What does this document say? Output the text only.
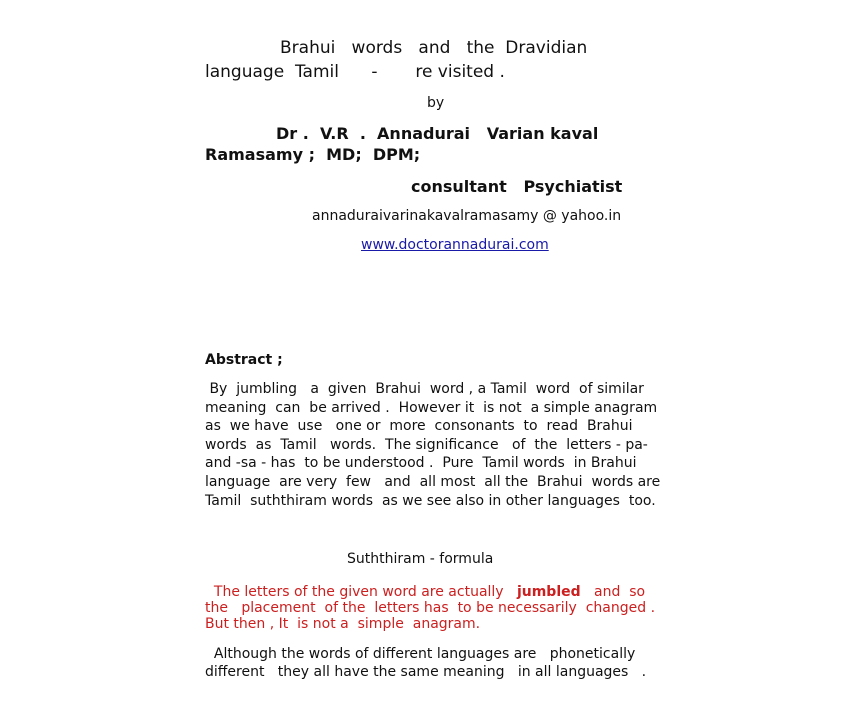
Brahui   words   and   the  Dravidian
language  Tamil      -       re visited .
by
Dr .  V.R  .  Annadurai   Varian kaval
Ramasamy ;  MD;  DPM;
consultant   Psychiatist
annaduraivarinakavalramasamy @ yahoo.in
www.doctorannadurai.com
Abstract ;
By  jumbling   a  given  Brahui  word , a Tamil  word  of similar
meaning  can  be arrived .  However it  is not  a simple anagram
as  we have  use   one or  more  consonants  to  read  Brahui
words  as  Tamil   words.  The significance   of  the  letters - pa-
and -sa - has  to be understood .  Pure  Tamil words  in Brahui
language  are very  few   and  all most  all the  Brahui  words are
Tamil  suththiram words  as we see also in other languages  too.
Suththiram - formula
The letters of the given word are actually   jumbled   and  so
the   placement  of the  letters has  to be necessarily  changed .
But then , It  is not a  simple  anagram.
Although the words of different languages are   phonetically
different   they all have the same meaning   in all languages   .
